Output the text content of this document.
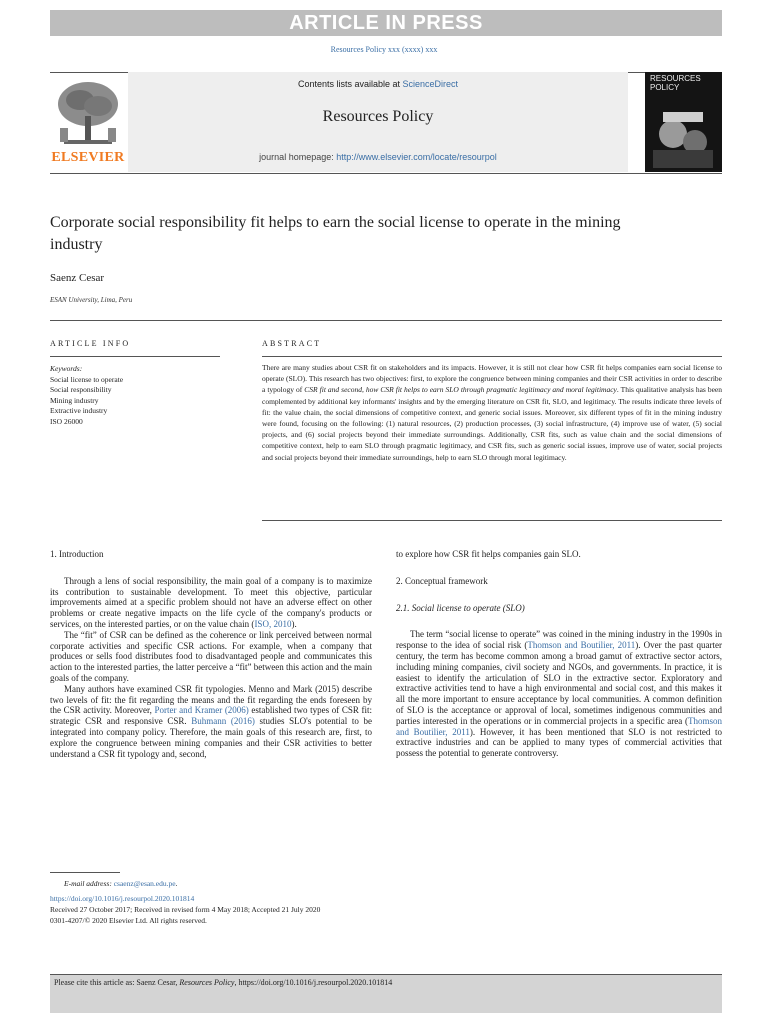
ARTICLE IN PRESS
Resources Policy xxx (xxxx) xxx
ELSEVIER
Contents lists available at ScienceDirect
Resources Policy
journal homepage: http://www.elsevier.com/locate/resourpol
RESOURCES POLICY
Corporate social responsibility fit helps to earn the social license to operate in the mining industry
Saenz Cesar
ESAN University, Lima, Peru
ARTICLE INFO	ABSTRACT
Keywords:
Social license to operate
Social responsibility
Mining industry
Extractive industry
ISO 26000
There are many studies about CSR fit on stakeholders and its impacts. However, it is still not clear how CSR fit helps companies earn social license to operate (SLO). This research has two objectives: first, to explore the congruence between mining companies and their CSR activities in order to describe a typology of CSR fit and second, how CSR fit helps to earn SLO through pragmatic legitimacy and moral legitimacy. This qualitative analysis has been complemented by additional key informants' insights and by the emerging literature on CSR fit, SLO, and legitimacy. The results indicate three levels of fit: the value chain, the social dimensions of competitive context, and generic social issues. Moreover, six different types of fit in the mining industry were found, focusing on the following: (1) natural resources, (2) production processes, (3) social infrastructure, (4) improve use of water, (5) social projects, and (6) social projects beyond their immediate surroundings. Additionally, CSR fits, such as value chain and the social dimensions of competitive context, help to earn SLO through pragmatic legitimacy, and CSR fits, such as generic social issues, improve use of water, social projects and social projects beyond their immediate surroundings, help to earn SLO through moral legitimacy.
1. Introduction

Through a lens of social responsibility, the main goal of a company is to maximize its contribution to sustainable development. To meet this objective, particular improvements aimed at a specific problem should not have an adverse effect on other problems or create negative impacts on the life cycle of the company's products or services, on the interested parties, or on the value chain (ISO, 2010).

The “fit” of CSR can be defined as the coherence or link perceived between normal corporate activities and specific CSR actions. For example, when a company that produces or sells food distributes food to disadvantaged people and communicates this action to the interested parties, the latter perceive a “fit” between this action and the main goals of the company.

Many authors have examined CSR fit typologies. Menno and Mark (2015) describe two levels of fit: the fit regarding the means and the fit regarding the ends foreseen by the CSR activity. Moreover, Porter and Kramer (2006) established two types of CSR fit: strategic CSR and responsive CSR. Buhmann (2016) studies SLO's potential to be integrated into company policy. Therefore, the main goals of this research are, first, to explore the congruence between mining companies and their CSR activities to better understand a CSR fit typology and, second,

to explore how CSR fit helps companies gain SLO.

2. Conceptual framework
2.1. Social license to operate (SLO)

The term “social license to operate” was coined in the mining industry in the 1990s in response to the idea of social risk (Thomson and Boutilier, 2011). Over the past quarter century, the term has become common among a broad gamut of extractive sector actors, including mining companies, civil society and NGOs, and governments. In practice, it is easiest to identify the articulation of SLO in the extractive sector. Exploratory and extractive activities tend to have a high environmental and social cost, and this makes it all the more important to ensure acceptance by local communities. A common definition of SLO is the acceptance or approval of local, sometimes indigenous communities and parties interested in the operations or in commercial projects in a specific area (Thomson and Boutilier, 2011). However, it has been mentioned that SLO is not restricted to extractive industries and can be applied to many types of commercial activities that possess the potential to generate controversy.

E-mail address: csaenz@esan.edu.pe.
https://doi.org/10.1016/j.resourpol.2020.101814
Received 27 October 2017; Received in revised form 4 May 2018; Accepted 21 July 2020
0301-4207/© 2020 Elsevier Ltd. All rights reserved.
Please cite this article as: Saenz Cesar, Resources Policy, https://doi.org/10.1016/j.resourpol.2020.101814
